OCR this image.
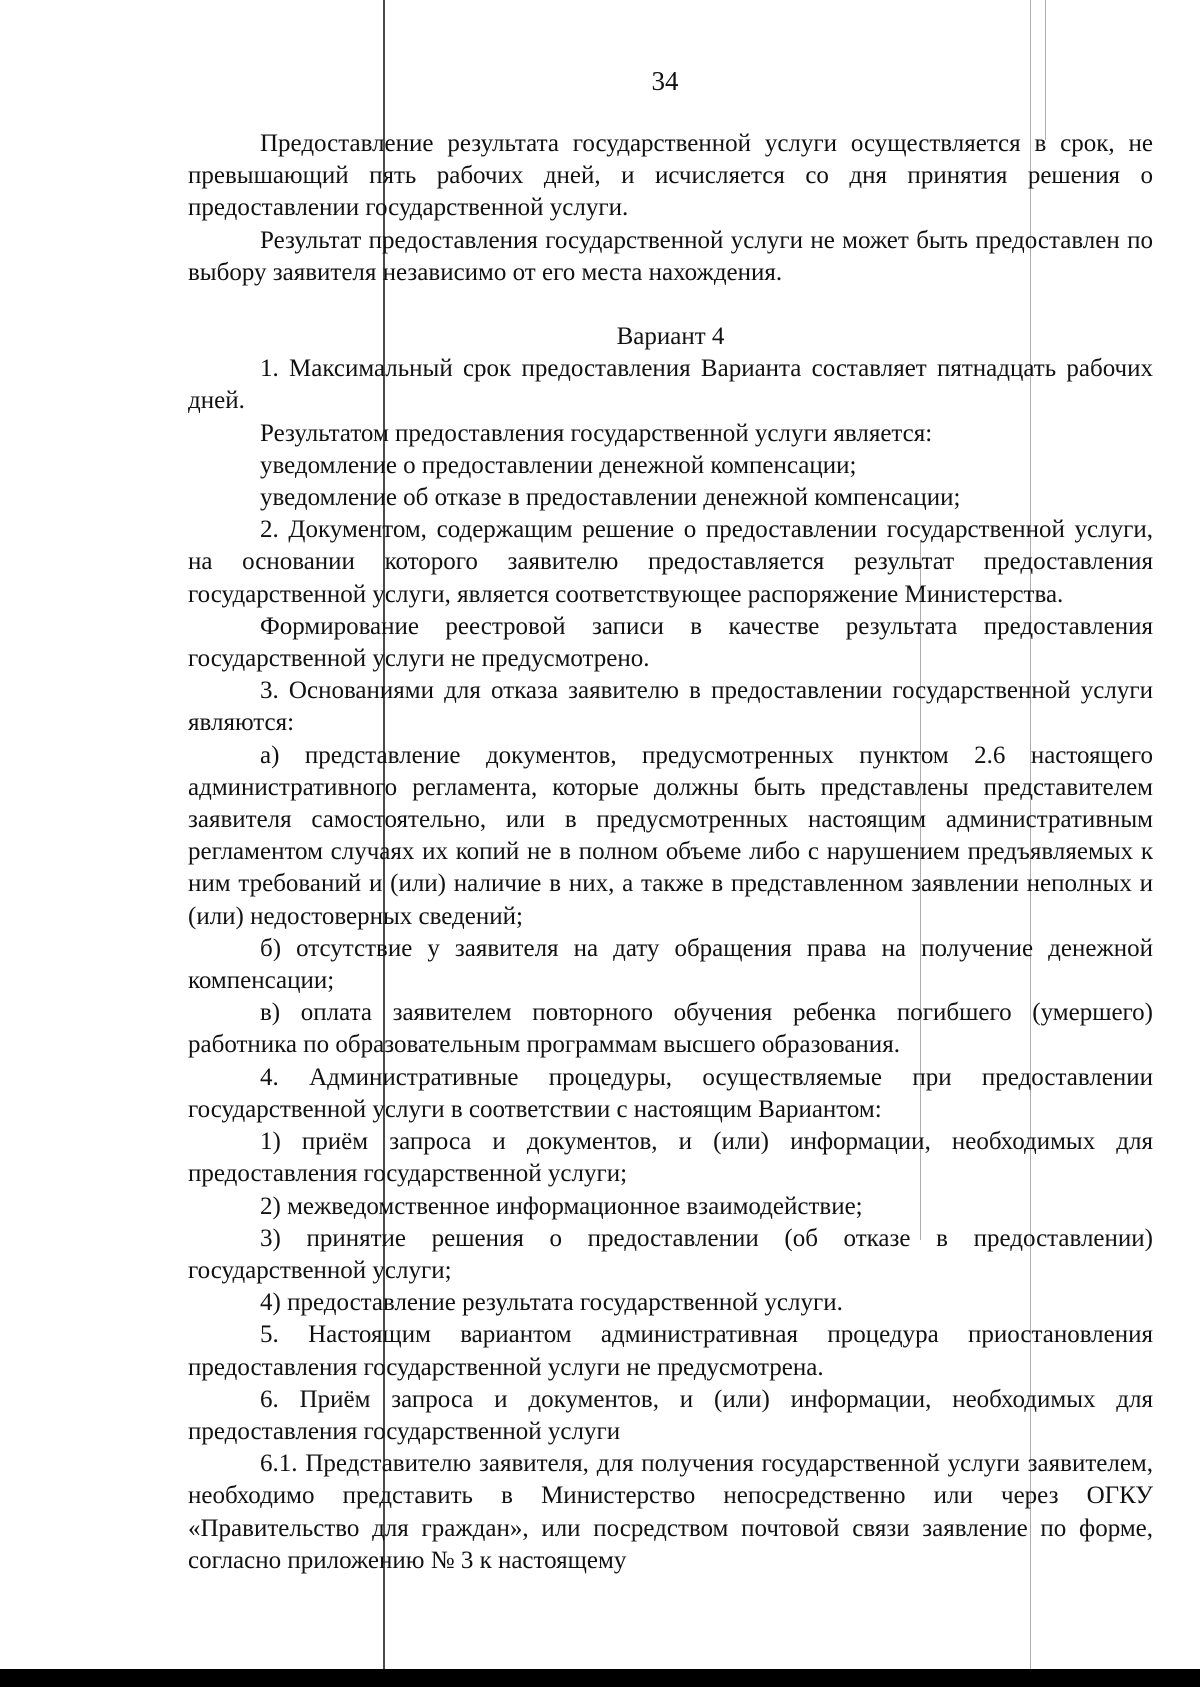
34

Предоставление результата государственной услуги осуществляется в срок, не превышающий пять рабочих дней, и исчисляется со дня принятия решения о предоставлении государственной услуги.

Результат предоставления государственной услуги не может быть предоставлен по выбору заявителя независимо от его места нахождения.

Вариант 4

1. Максимальный срок предоставления Варианта составляет пятнадцать рабочих дней.

Результатом предоставления государственной услуги является:

уведомление о предоставлении денежной компенсации;

уведомление об отказе в предоставлении денежной компенсации;

2. Документом, содержащим решение о предоставлении государственной услуги, на основании которого заявителю предоставляется результат предоставления государственной услуги, является соответствующее распоряжение Министерства.

Формирование реестровой записи в качестве результата предоставления государственной услуги не предусмотрено.

3. Основаниями для отказа заявителю в предоставлении государственной услуги являются:

а) представление документов, предусмотренных пунктом 2.6 настоящего административного регламента, которые должны быть представлены представителем заявителя самостоятельно, или в предусмотренных настоящим административным регламентом случаях их копий не в полном объеме либо с нарушением предъявляемых к ним требований и (или) наличие в них, а также в представленном заявлении неполных и (или) недостоверных сведений;

б) отсутствие у заявителя на дату обращения права на получение денежной компенсации;

в) оплата заявителем повторного обучения ребенка погибшего (умершего) работника по образовательным программам высшего образования.

4. Административные процедуры, осуществляемые при предоставлении государственной услуги в соответствии с настоящим Вариантом:

1) приём запроса и документов, и (или) информации, необходимых для предоставления государственной услуги;

2) межведомственное информационное взаимодействие;

3) принятие решения о предоставлении (об отказе в предоставлении) государственной услуги;

4) предоставление результата государственной услуги.

5. Настоящим вариантом административная процедура приостановления предоставления государственной услуги не предусмотрена.

6. Приём запроса и документов, и (или) информации, необходимых для предоставления государственной услуги

6.1. Представителю заявителя, для получения государственной услуги заявителем, необходимо представить в Министерство непосредственно или через ОГКУ «Правительство для граждан», или посредством почтовой связи заявление по форме, согласно приложению № 3 к настоящему
